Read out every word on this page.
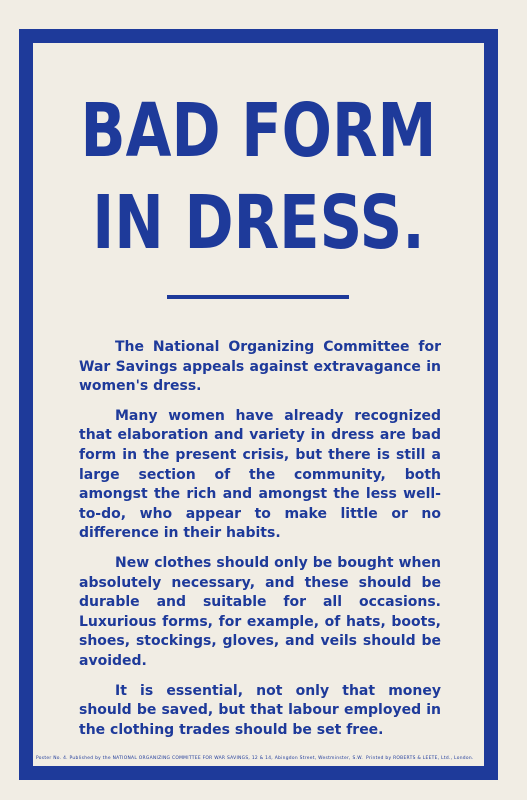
BAD FORM
IN DRESS.

The National Organizing Committee for War Savings appeals against extravagance in women's dress.

Many women have already recognized that elaboration and variety in dress are bad form in the present crisis, but there is still a large section of the community, both amongst the rich and amongst the less well-to-do, who appear to make little or no difference in their habits.

New clothes should only be bought when absolutely necessary, and these should be durable and suitable for all occasions. Luxurious forms, for example, of hats, boots, shoes, stockings, gloves, and veils should be avoided.

It is essential, not only that money should be saved, but that labour employed in the clothing trades should be set free.

Poster No. 4. Published by the NATIONAL ORGANIZING COMMITTEE FOR WAR SAVINGS, 12 & 14, Abingdon Street, Westminster, S.W. Printed by ROBERTS & LEETE, Ltd., London.
